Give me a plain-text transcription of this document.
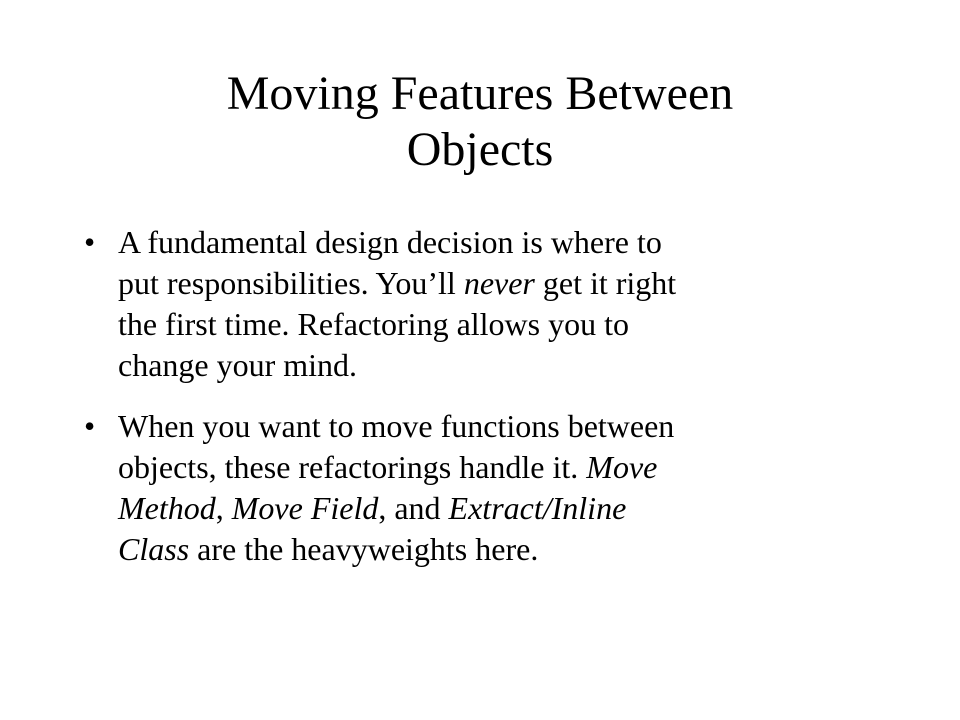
Moving Features Between
Objects
• A fundamental design decision is where to
put responsibilities. You’ll never get it right
the first time. Refactoring allows you to
change your mind.
• When you want to move functions between
objects, these refactorings handle it. Move
Method, Move Field, and Extract/Inline
Class are the heavyweights here.
